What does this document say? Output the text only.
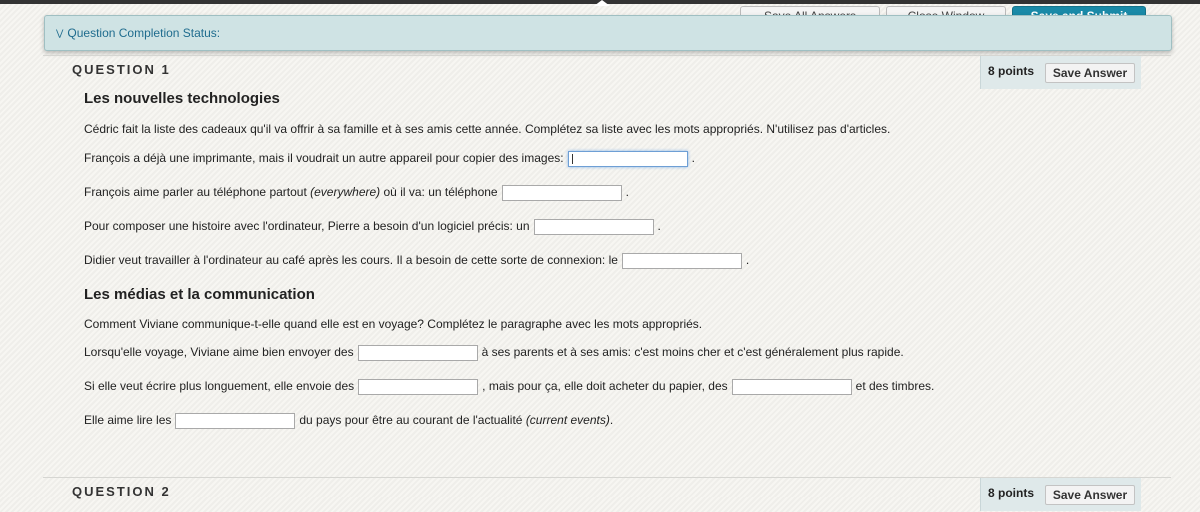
⋁ Question Completion Status:
QUESTION 1	8 points	Save Answer
Les nouvelles technologies
Cédric fait la liste des cadeaux qu'il va offrir à sa famille et à ses amis cette année. Complétez sa liste avec les mots appropriés. N'utilisez pas d'articles.
François a déjà une imprimante, mais il voudrait un autre appareil pour copier des images:	.
François aime parler au téléphone partout (everywhere) où il va: un téléphone	.
Pour composer une histoire avec l'ordinateur, Pierre a besoin d'un logiciel précis: un	.
Didier veut travailler à l'ordinateur au café après les cours. Il a besoin de cette sorte de connexion: le	.
Les médias et la communication
Comment Viviane communique-t-elle quand elle est en voyage? Complétez le paragraphe avec les mots appropriés.
Lorsqu'elle voyage, Viviane aime bien envoyer des	à ses parents et à ses amis: c'est moins cher et c'est généralement plus rapide.
Si elle veut écrire plus longuement, elle envoie des	, mais pour ça, elle doit acheter du papier, des	et des timbres.
Elle aime lire les	du pays pour être au courant de l'actualité (current events).
QUESTION 2	8 points	Save Answer
